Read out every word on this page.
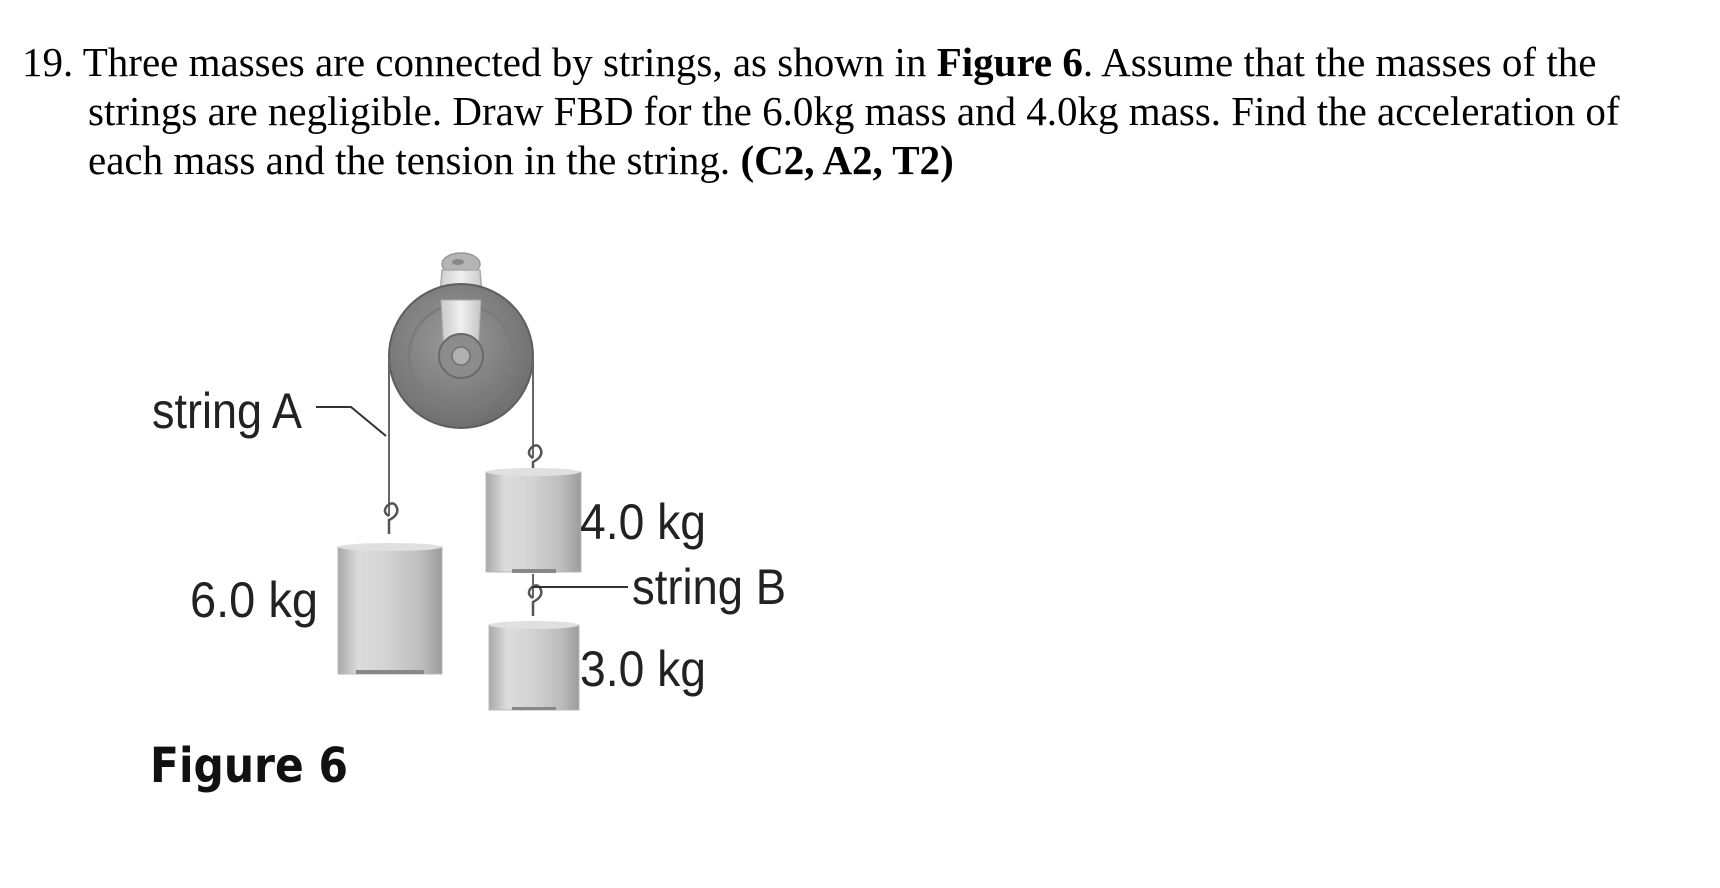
19. Three masses are connected by strings, as shown in Figure 6. Assume that the masses of the
strings are negligible. Draw FBD for the 6.0kg mass and 4.0kg mass. Find the acceleration of
each mass and the tension in the string. (C2, A2, T2)
string A
6.0 kg
4.0 kg
string B
3.0 kg
Figure 6
